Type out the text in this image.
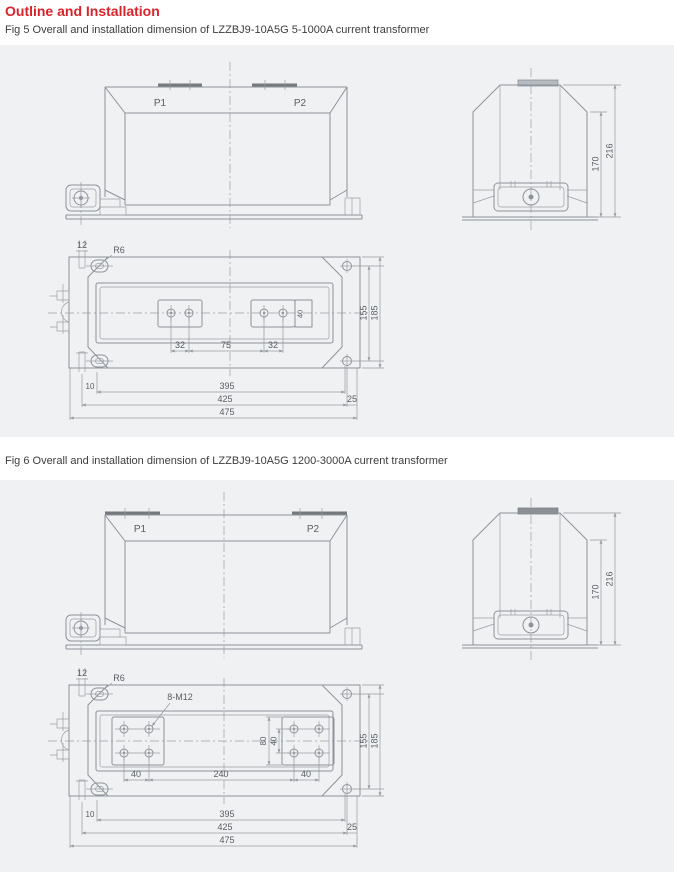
Outline and Installation
Fig 5 Overall and installation dimension of LZZBJ9-10A5G 5-1000A current transformer
Fig 6 Overall and installation dimension of LZZBJ9-10A5G 1200-3000A current transformer
P1	P2
170
216
40
32	75	32
10	395
425	25
475
155 185
12	R6
P1	P2
170
216
8-M12
80 40
40	240	40
10	395
425	25
475
155 185
12	R6
